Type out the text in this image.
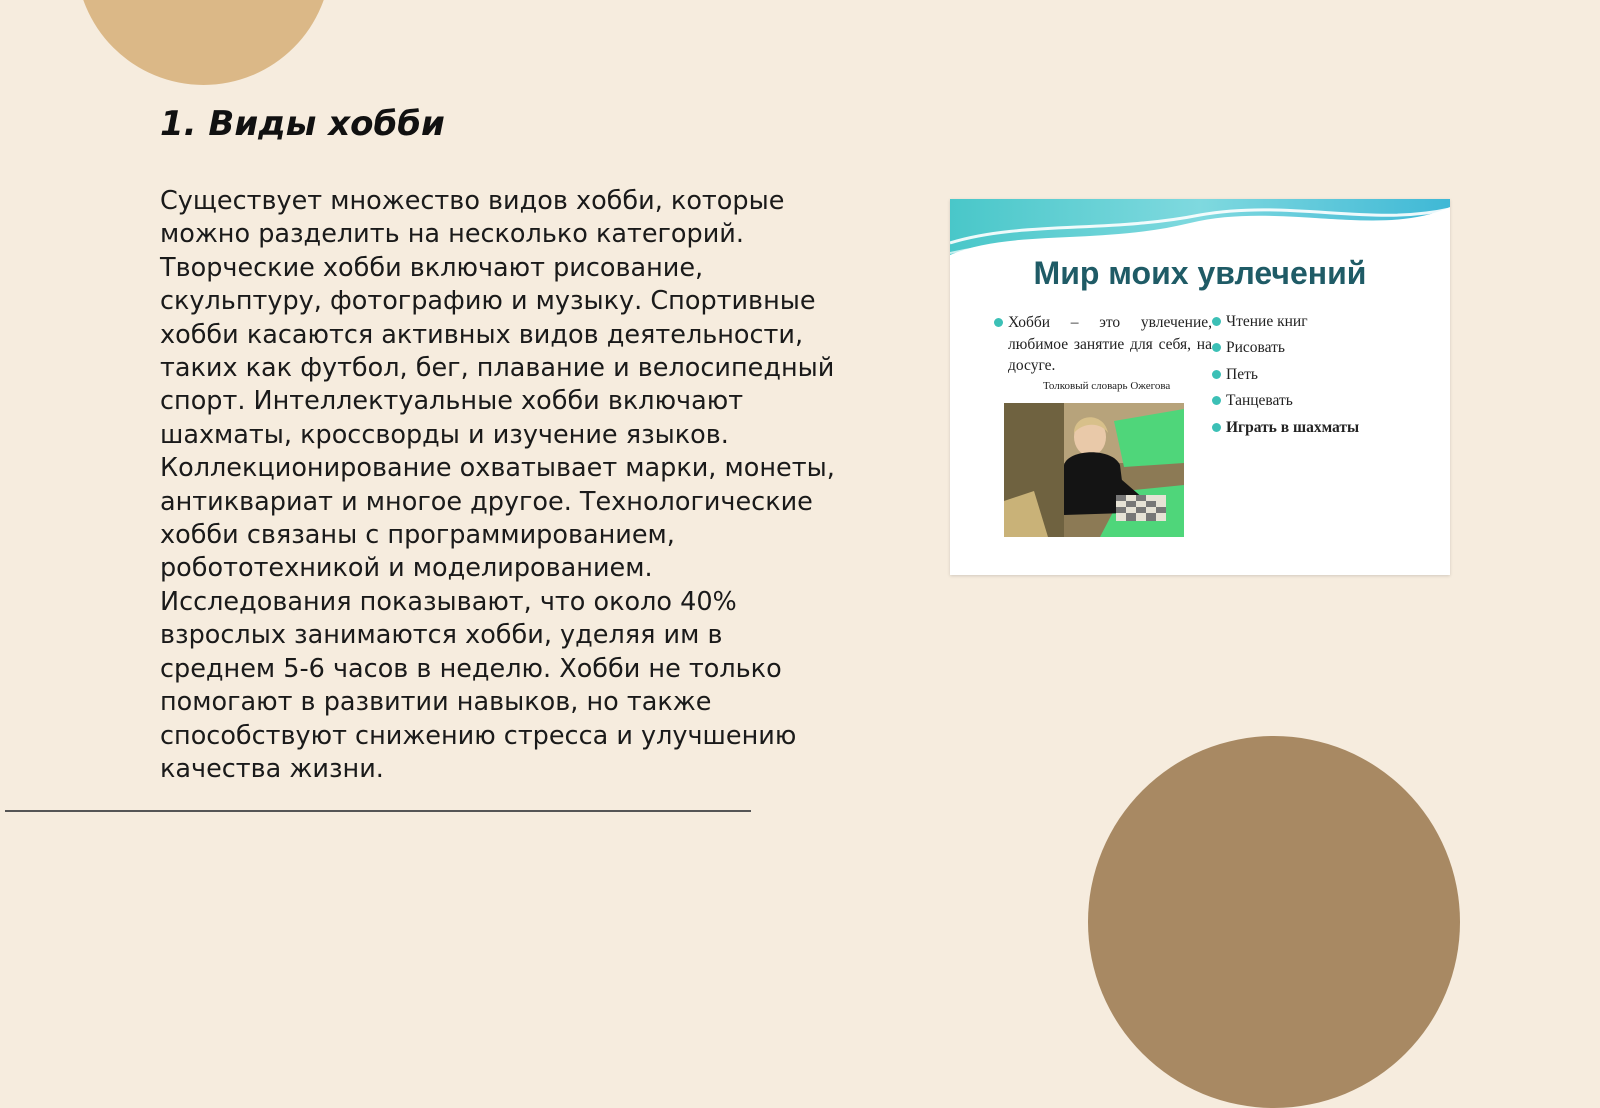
1. Виды хобби

Существует множество видов хобби, которые можно разделить на несколько категорий. Творческие хобби включают рисование, скульптуру, фотографию и музыку. Спортивные хобби касаются активных видов деятельности, таких как футбол, бег, плавание и велосипедный спорт. Интеллектуальные хобби включают шахматы, кроссворды и изучение языков. Коллекционирование охватывает марки, монеты, антиквариат и многое другое. Технологические хобби связаны с программированием, робототехникой и моделированием. Исследования показывают, что около 40% взрослых занимаются хобби, уделяя им в среднем 5-6 часов в неделю. Хобби не только помогают в развитии навыков, но также способствуют снижению стресса и улучшению качества жизни.

Мир моих увлечений
Хобби – это увлечение, любимое занятие для себя, на досуге.
Толковый словарь Ожегова
Чтение книг
Рисовать
Петь
Танцевать
Играть в шахматы
